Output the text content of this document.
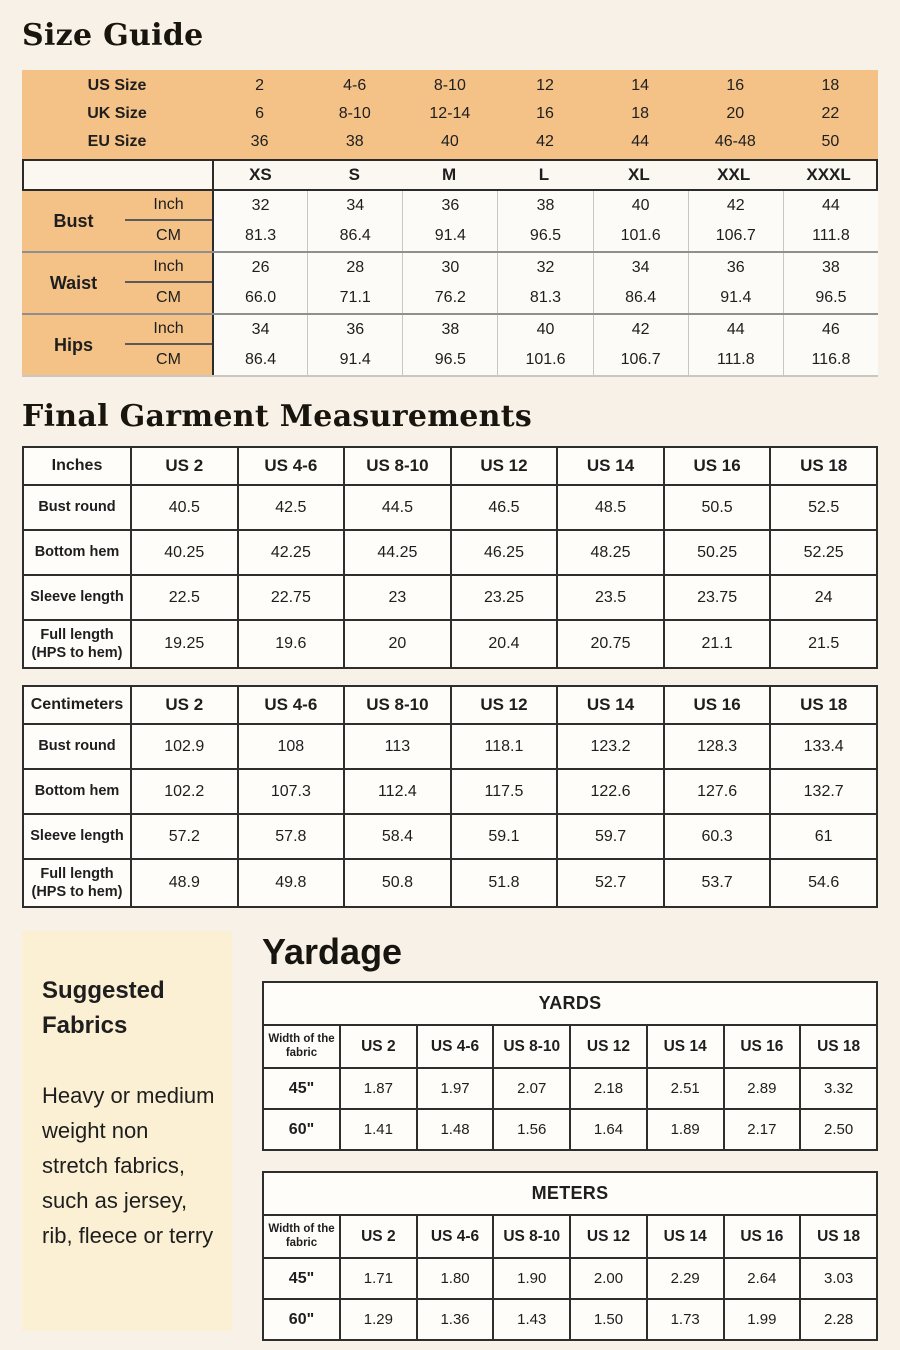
Size Guide
US Size	2	4-6	8-10	12	14	16	18
UK Size	6	8-10	12-14	16	18	20	22
EU Size	36	38	40	42	44	46-48	50
XS	S	M	L	XL	XXL	XXXL
Bust
Inch	32	34	36	38	40	42	44
CM	81.3	86.4	91.4	96.5	101.6	106.7	111.8
Waist
Inch	26	28	30	32	34	36	38
CM	66.0	71.1	76.2	81.3	86.4	91.4	96.5
Hips
Inch	34	36	38	40	42	44	46
CM	86.4	91.4	96.5	101.6	106.7	111.8	116.8
Final Garment Measurements
Inches	US 2	US 4-6	US 8-10	US 12	US 14	US 16	US 18
Bust round	40.5	42.5	44.5	46.5	48.5	50.5	52.5
Bottom hem	40.25	42.25	44.25	46.25	48.25	50.25	52.25
Sleeve length	22.5	22.75	23	23.25	23.5	23.75	24
Full length (HPS to hem)	19.25	19.6	20	20.4	20.75	21.1	21.5
Centimeters	US 2	US 4-6	US 8-10	US 12	US 14	US 16	US 18
Bust round	102.9	108	113	118.1	123.2	128.3	133.4
Bottom hem	102.2	107.3	112.4	117.5	122.6	127.6	132.7
Sleeve length	57.2	57.8	58.4	59.1	59.7	60.3	61
Full length (HPS to hem)	48.9	49.8	50.8	51.8	52.7	53.7	54.6
Suggested Fabrics
Heavy or medium weight non stretch fabrics, such as jersey, rib, fleece or terry
Yardage
YARDS							
Width of the fabric	US 2	US 4-6	US 8-10	US 12	US 14	US 16	US 18
45"	1.87	1.97	2.07	2.18	2.51	2.89	3.32
60"	1.41	1.48	1.56	1.64	1.89	2.17	2.50
METERS							
Width of the fabric	US 2	US 4-6	US 8-10	US 12	US 14	US 16	US 18
45"	1.71	1.80	1.90	2.00	2.29	2.64	3.03
60"	1.29	1.36	1.43	1.50	1.73	1.99	2.28
